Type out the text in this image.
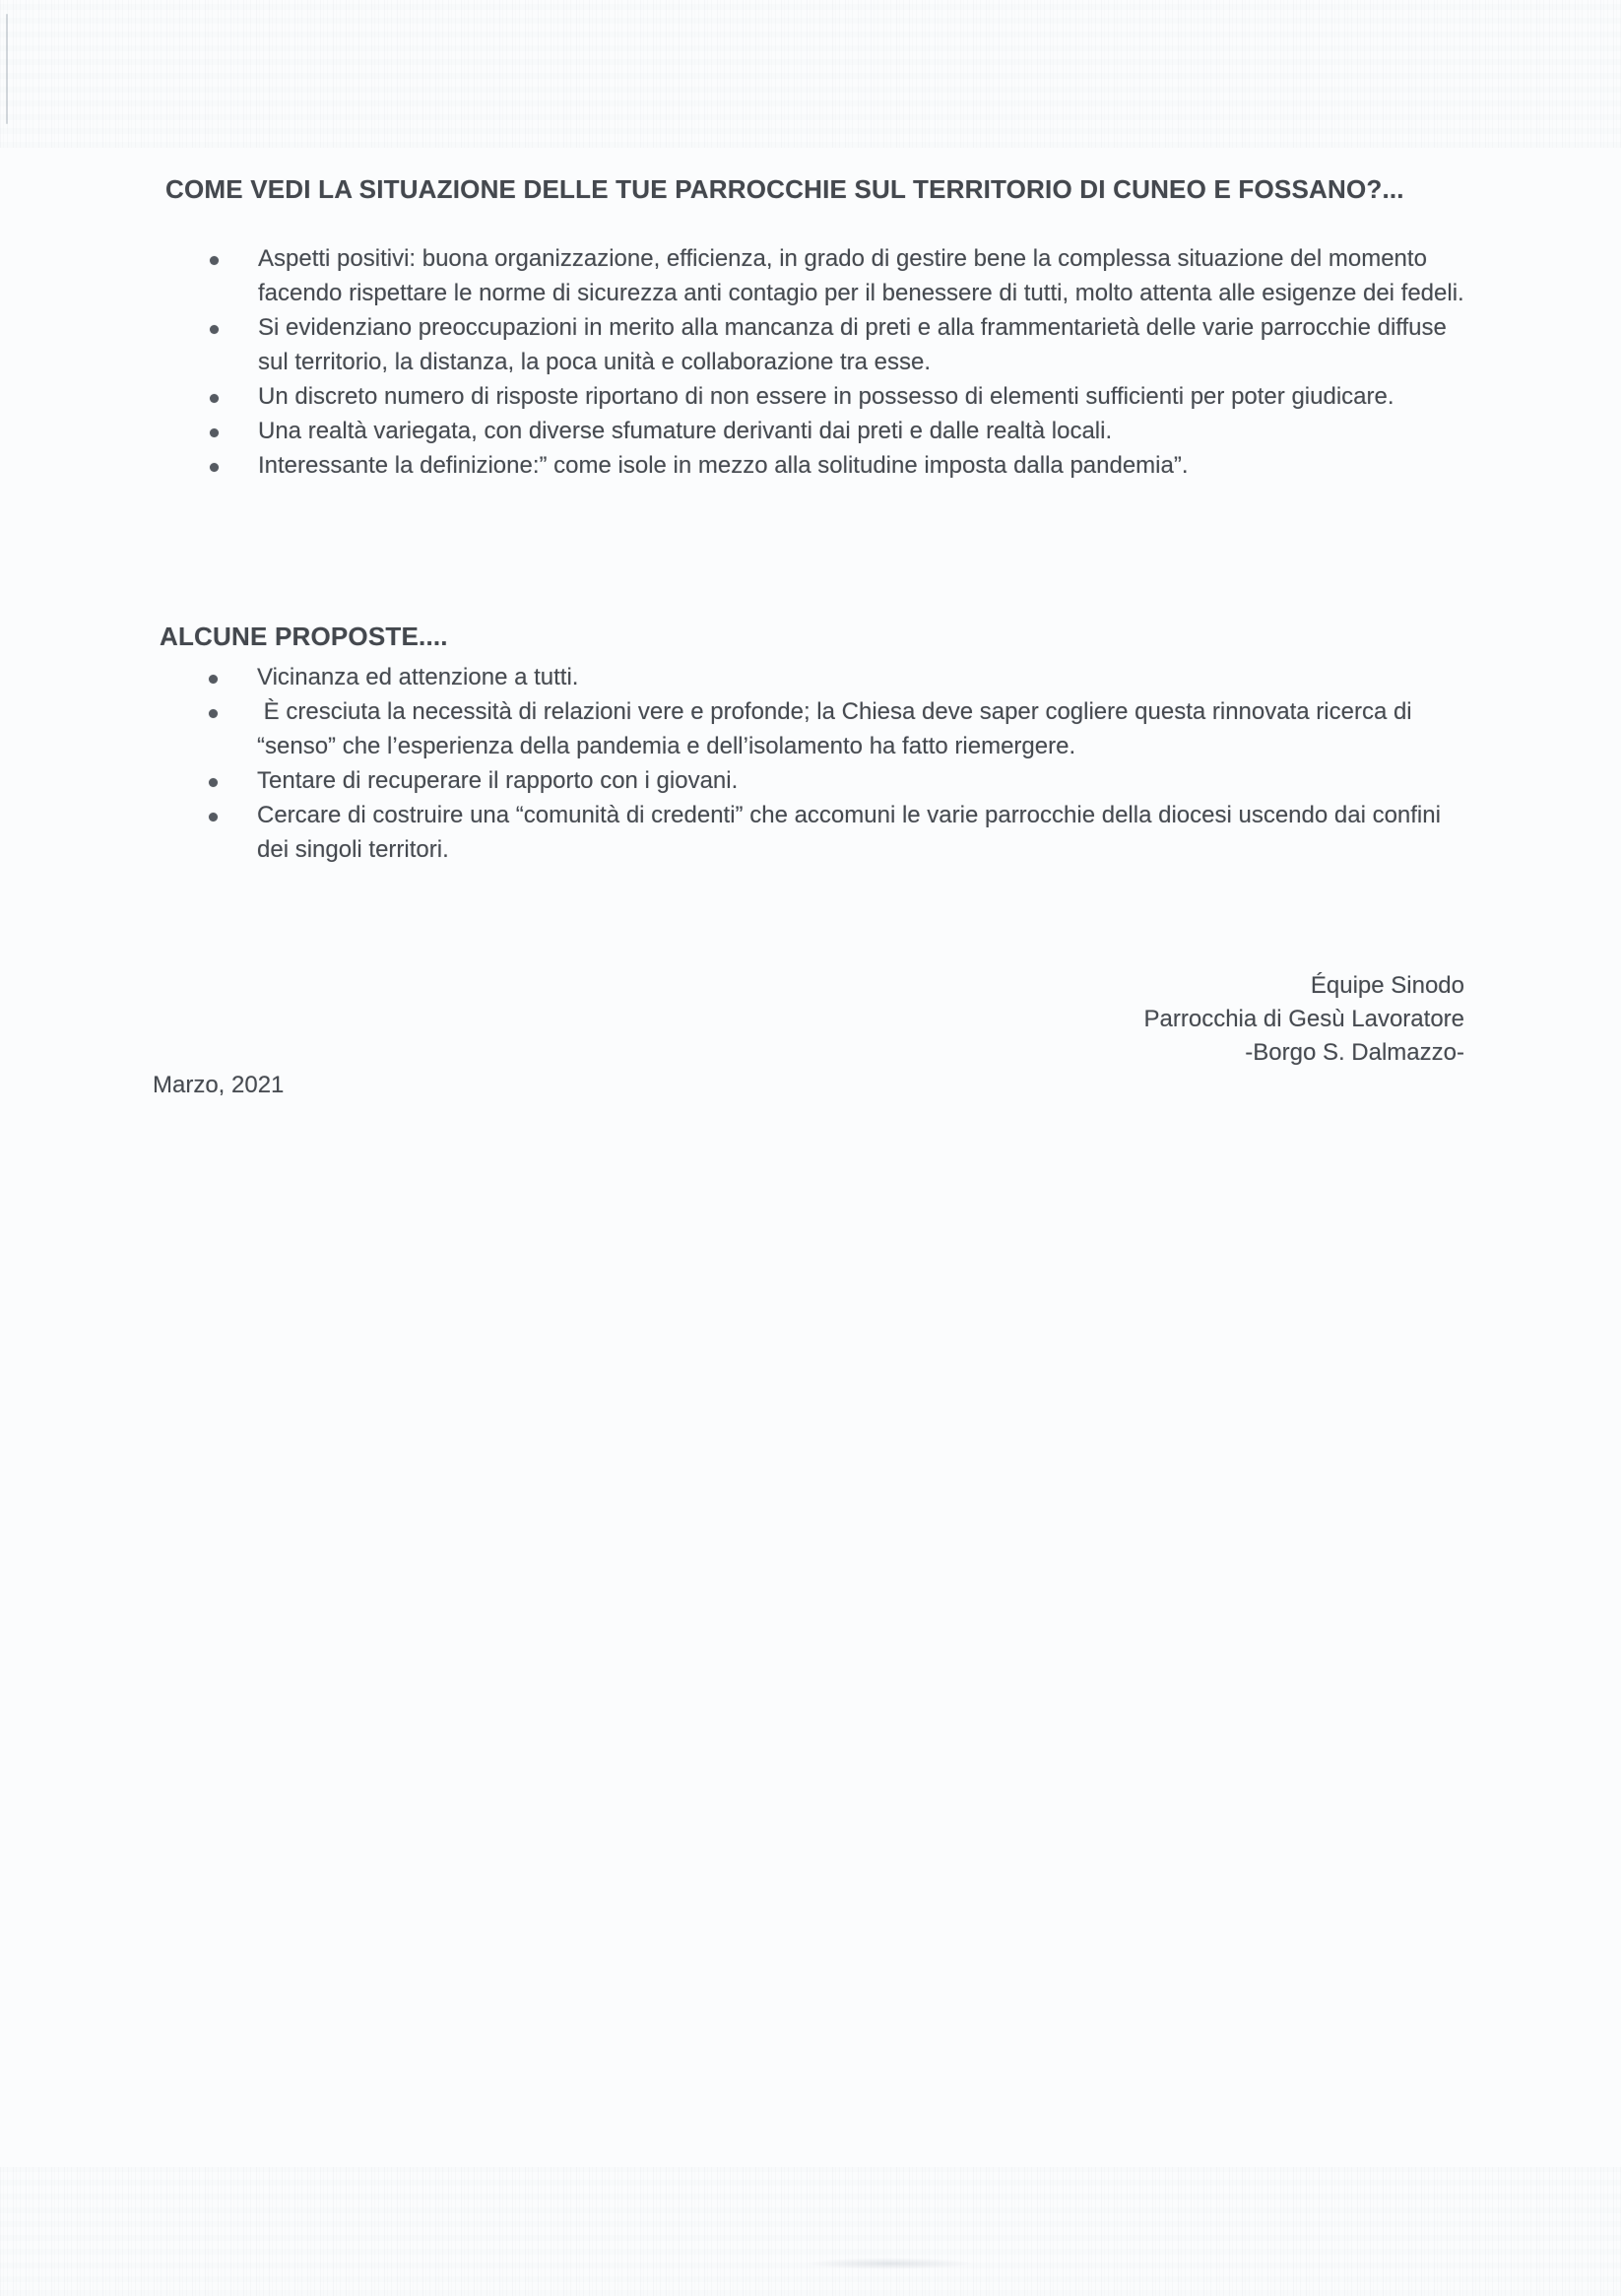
COME VEDI LA SITUAZIONE DELLE TUE PARROCCHIE SUL TERRITORIO DI CUNEO E FOSSANO?...
Aspetti positivi: buona organizzazione, efficienza, in grado di gestire bene la complessa situazione del momento facendo rispettare le norme di sicurezza anti contagio per il benessere di tutti, molto attenta alle esigenze dei fedeli.
Si evidenziano preoccupazioni in merito alla mancanza di preti e alla frammentarietà delle varie parrocchie diffuse sul territorio, la distanza, la poca unità e collaborazione tra esse.
Un discreto numero di risposte riportano di non essere in possesso di elementi sufficienti per poter giudicare.
Una realtà variegata, con diverse sfumature derivanti dai preti e dalle realtà locali.
Interessante la definizione:” come isole in mezzo alla solitudine imposta dalla pandemia”.
ALCUNE PROPOSTE....
Vicinanza ed attenzione a tutti.
È cresciuta la necessità di relazioni vere e profonde; la Chiesa deve saper cogliere questa rinnovata ricerca di “senso” che l’esperienza della pandemia e dell’isolamento ha fatto riemergere.
Tentare di recuperare il rapporto con i giovani.
Cercare di costruire una “comunità di credenti” che accomuni le varie parrocchie della diocesi uscendo dai confini dei singoli territori.
Équipe Sinodo
Parrocchia di Gesù Lavoratore
-Borgo S. Dalmazzo-
Marzo, 2021
